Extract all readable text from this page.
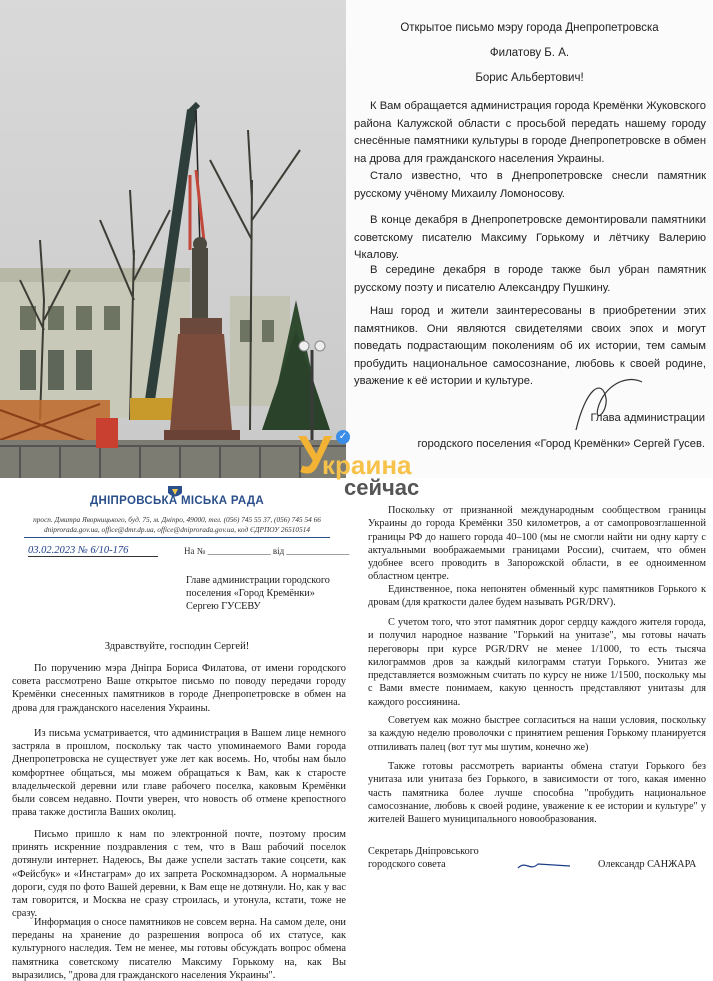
Открытое письмо мэру города Днепропетровска
Филатову Б. А.
Борис Альбертович!
К Вам обращается администрация города Кремёнки Жуковского района Калужской области с просьбой передать нашему городу снесённые памятники культуры в городе Днепропетровске в обмен на дрова для гражданского населения Украины.
Стало известно, что в Днепропетровске снесли памятник русскому учёному Михаилу Ломоносову.
В конце декабря в Днепропетровске демонтировали памятники советскому писателю Максиму Горькому и лётчику Валерию Чкалову.
В середине декабря в городе также был убран памятник русскому поэту и писателю Александру Пушкину.
Наш город и жители заинтересованы в приобретении этих памятников. Они являются свидетелями своих эпох и могут поведать подрастающим поколениям об их истории, тем самым пробудить национальное самосознание, любовь к своей родине, уважение к её истории и культуре.
Глава администрации
городского поселения «Город Кремёнки» Сергей Гусев.
ДНІПРОВСЬКА МІСЬКА РАДА
просп. Дмитра Яворницького, буд. 75, м. Дніпро, 49000, тел. (056) 745 55 37, (056) 745 54 66
dniprorada.gov.ua, office@dmr.dp.ua, office@dniprorada.gov.ua, код ЄДРПОУ 26510514
03.02.2023 № 6/10-176	На № ______________ від ______________
Главе администрации городского поселения «Город Кремёнки» Сергею ГУСЕВУ
Здравствуйте, господин Сергей!
По поручению мэра Днiпра Бориса Филатова, от имени городского совета рассмотрено Ваше открытое письмо по поводу передачи городу Кремёнки снесенных памятников в городе Днепропетровске в обмен на дрова для гражданского населения Украины.
Из письма усматривается, что администрация в Вашем лице немного застряла в прошлом, поскольку так часто упоминаемого Вами города Днепропетровска не существует уже лет как восемь. Но, чтобы нам было комфортнее общаться, мы можем обращаться к Вам, как к старосте владельческой деревни или главе рабочего поселка, каковым Кремёнки были совсем недавно. Почти уверен, что новость об отмене крепостного права также достигла Ваших околиц.
Письмо пришло к нам по электронной почте, поэтому просим принять искренние поздравления с тем, что в Ваш рабочий поселок дотянули интернет. Надеюсь, Вы даже успели застать такие соцсети, как «Фейсбук» и «Инстаграм» до их запрета Роскомнадзором. А нормальные дороги, судя по фото Вашей деревни, к Вам еще не дотянули. Но, как у вас там говорится, и Москва не сразу строилась, и утонула, кстати, тоже не сразу.
Информация о сносе памятников не совсем верна. На самом деле, они переданы на хранение до разрешения вопроса об их статусе, как культурного наследия. Тем не менее, мы готовы обсуждать вопрос обмена памятника советскому писателю Максиму Горькому на, как Вы выразились, "дрова для гражданского населения Украины".
Поскольку от признанной международным сообществом границы Украины до города Кремёнки 350 километров, а от самопровозглашенной границы РФ до нашего города 40–100 (мы не смогли найти ни одну карту с актуальными воображаемыми границами России), считаем, что обмен удобнее всего проводить в Запорожской области, в ее одноименном областном центре.
Единственное, пока непонятен обменный курс памятников Горького к дровам (для краткости далее будем называть PGR/DRV).
С учетом того, что этот памятник дорог сердцу каждого жителя города, и получил народное название "Горький на унитазе", мы готовы начать переговоры при курсе PGR/DRV не менее 1/1000, то есть тысяча килограммов дров за каждый килограмм статуи Горького. Унитаз же представляется возможным считать по курсу не ниже 1/1500, поскольку мы с Вами вместе понимаем, какую ценность представляют унитазы для каждого россиянина.
Советуем как можно быстрее согласиться на наши условия, поскольку за каждую неделю проволочки с принятием решения Горькому планируется отпиливать палец (вот тут мы шутим, конечно же)
Также готовы рассмотреть варианты обмена статуи Горького без унитаза или унитаза без Горького, в зависимости от того, какая именно часть памятника более лучше способна "пробудить национальное самосознание, любовь к своей родине, уважение к ее истории и культуре" у жителей Вашего муниципального новообразования.
Секретарь Дніпровського
городского совета	Олександр САНЖАРА
У ✓
краина
сейчас
